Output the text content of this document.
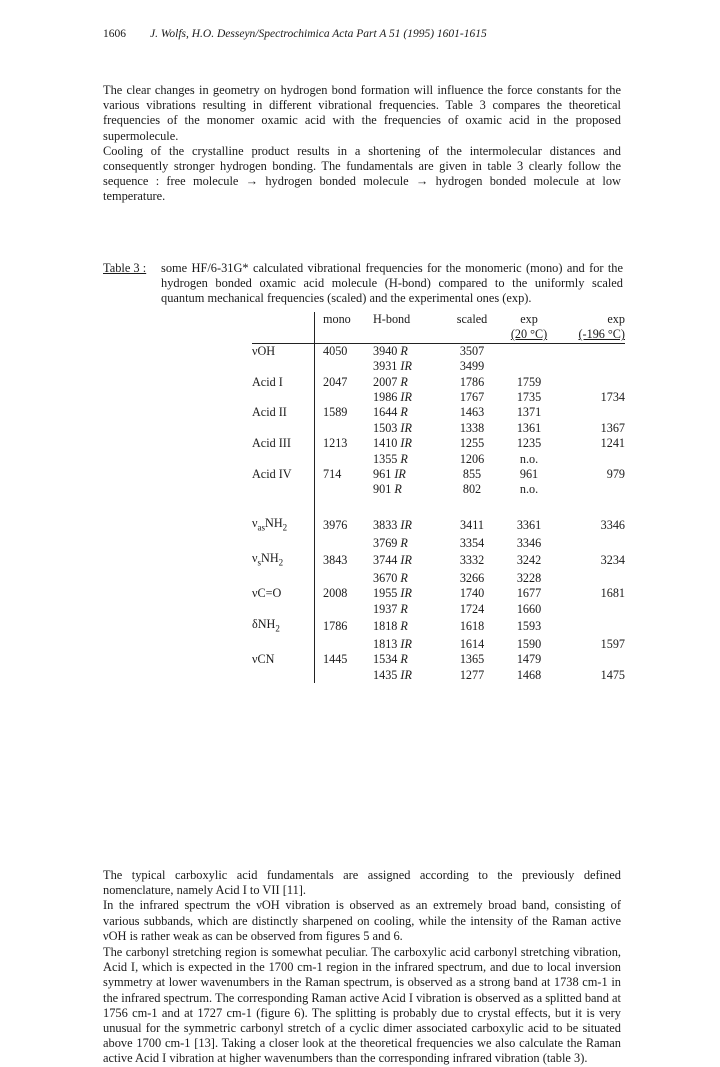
1606 J. Wolfs, H.O. Desseyn/Spectrochimica Acta Part A 51 (1995) 1601-1615

The clear changes in geometry on hydrogen bond formation will influence the force constants for the various vibrations resulting in different vibrational frequencies. Table 3 compares the theoretical frequencies of the monomer oxamic acid with the frequencies of oxamic acid in the proposed supermolecule.

Cooling of the crystalline product results in a shortening of the intermolecular distances and consequently stronger hydrogen bonding. The fundamentals are given in table 3 clearly follow the sequence : free molecule → hydrogen bonded molecule → hydrogen bonded molecule at low temperature.

Table 3 : some HF/6-31G* calculated vibrational frequencies for the monomeric (mono) and for the hydrogen bonded oxamic acid molecule (H-bond) compared to the uniformly scaled quantum mechanical frequencies (scaled) and the experimental ones (exp).
	mono	H-bond	scaled	exp	exp
				(20 °C)	(-196 °C)
νOH	4050	3940 R	3507		
		3931 IR	3499		
Acid I	2047	2007 R	1786	1759	
		1986 IR	1767	1735	1734
Acid II	1589	1644 R	1463	1371	
		1503 IR	1338	1361	1367
Acid III	1213	1410 IR	1255	1235	1241
		1355 R	1206	n.o.	
Acid IV	714	961 IR	855	961	979
		901 R	802	n.o.	

$\nu_{as}NH_2$	3976	3833 IR	3411	3361	3346
		3769 R	3354	3346	
$\nu_sNH_2$	3843	3744 IR	3332	3242	3234
		3670 R	3266	3228	
νC=O	2008	1955 IR	1740	1677	1681
		1937 R	1724	1660	
δNH$_2$	1786	1818 R	1618	1593	
		1813 IR	1614	1590	1597
νCN	1445	1534 R	1365	1479	
		1435 IR	1277	1468	1475

The typical carboxylic acid fundamentals are assigned according to the previously defined nomenclature, namely Acid I to VII [11].

In the infrared spectrum the νOH vibration is observed as an extremely broad band, consisting of various subbands, which are distinctly sharpened on cooling, while the intensity of the Raman active νOH is rather weak as can be observed from figures 5 and 6.

The carbonyl stretching region is somewhat peculiar. The carboxylic acid carbonyl stretching vibration, Acid I, which is expected in the 1700 cm-1 region in the infrared spectrum, and due to local inversion symmetry at lower wavenumbers in the Raman spectrum, is observed as a strong band at 1738 cm-1 in the infrared spectrum. The corresponding Raman active Acid I vibration is observed as a splitted band at 1756 cm-1 and at 1727 cm-1 (figure 6). The splitting is probably due to crystal effects, but it is very unusual for the symmetric carbonyl stretch of a cyclic dimer associated carboxylic acid to be situated above 1700 cm-1 [13]. Taking a closer look at the theoretical frequencies we also calculate the Raman active Acid I vibration at higher wavenumbers than the corresponding infrared vibration (table 3).
